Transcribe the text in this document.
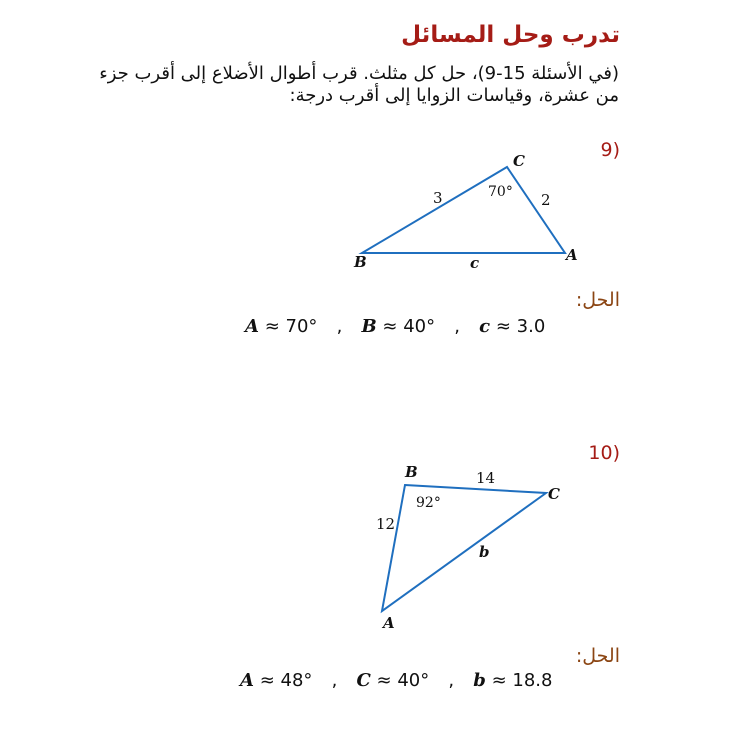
تدرب وحل المسائل
(في الأسئلة 15-9)، حل كل مثلث. قرب أطوال الأضلاع إلى أقرب جزء من عشرة، وقياسات الزوايا إلى أقرب درجة:
9)
C
B	A
3	2
c
70°
B
C
A
14
12
b
92°
الحل:
A ≈ 70° , B ≈ 40° , c ≈ 3.0
10)
الحل:
A ≈ 48° , C ≈ 40° , b ≈ 18.8
